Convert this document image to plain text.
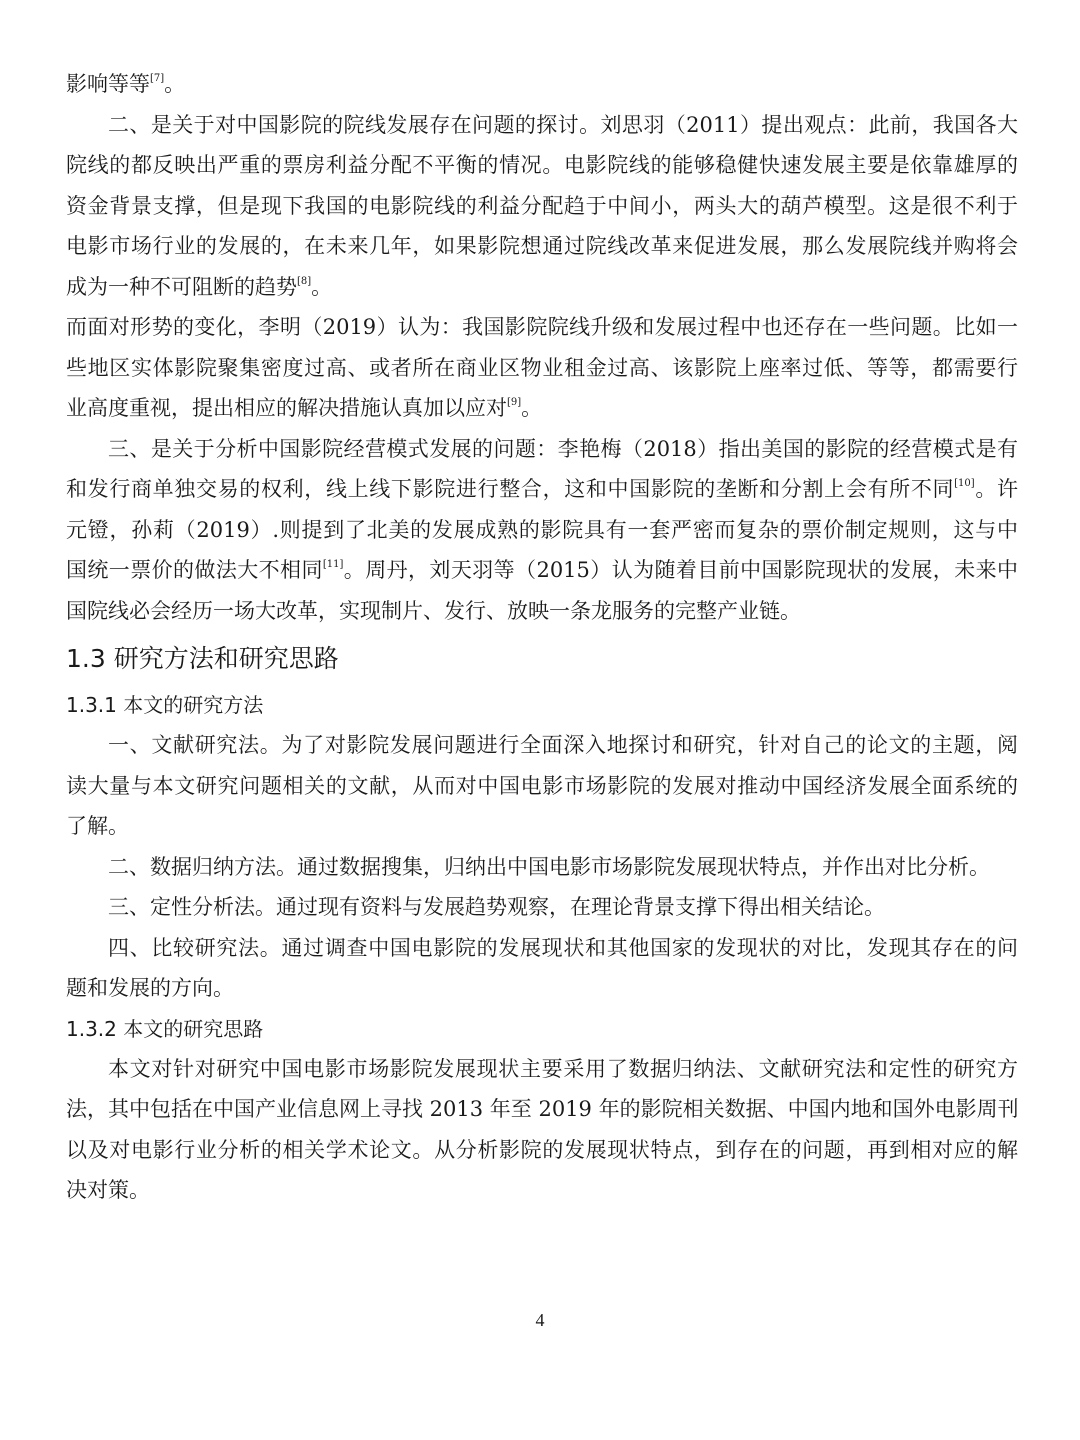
影响等等[7]。
二、是关于对中国影院的院线发展存在问题的探讨。刘思羽（2011）提出观点：此前，我国各大
院线的都反映出严重的票房利益分配不平衡的情况。电影院线的能够稳健快速发展主要是依靠雄厚的
资金背景支撑，但是现下我国的电影院线的利益分配趋于中间小，两头大的葫芦模型。这是很不利于
电影市场行业的发展的，在未来几年，如果影院想通过院线改革来促进发展，那么发展院线并购将会
成为一种不可阻断的趋势[8]。
而面对形势的变化，李明（2019）认为：我国影院院线升级和发展过程中也还存在一些问题。比如一
些地区实体影院聚集密度过高、或者所在商业区物业租金过高、该影院上座率过低、等等，都需要行
业高度重视，提出相应的解决措施认真加以应对[9]。
三、是关于分析中国影院经营模式发展的问题：李艳梅（2018）指出美国的影院的经营模式是有
和发行商单独交易的权利，线上线下影院进行整合，这和中国影院的垄断和分割上会有所不同[10]。许
元镫，孙莉（2019）.则提到了北美的发展成熟的影院具有一套严密而复杂的票价制定规则，这与中
国统一票价的做法大不相同[11]。周丹，刘天羽等（2015）认为随着目前中国影院现状的发展，未来中
国院线必会经历一场大改革，实现制片、发行、放映一条龙服务的完整产业链。
1.3 研究方法和研究思路
1.3.1 本文的研究方法
一、文献研究法。为了对影院发展问题进行全面深入地探讨和研究，针对自己的论文的主题，阅
读大量与本文研究问题相关的文献，从而对中国电影市场影院的发展对推动中国经济发展全面系统的
了解。
二、数据归纳方法。通过数据搜集，归纳出中国电影市场影院发展现状特点，并作出对比分析。
三、定性分析法。通过现有资料与发展趋势观察，在理论背景支撑下得出相关结论。
四、比较研究法。通过调查中国电影院的发展现状和其他国家的发现状的对比，发现其存在的问
题和发展的方向。
1.3.2 本文的研究思路
本文对针对研究中国电影市场影院发展现状主要采用了数据归纳法、文献研究法和定性的研究方
法，其中包括在中国产业信息网上寻找 2013 年至 2019 年的影院相关数据、中国内地和国外电影周刊
以及对电影行业分析的相关学术论文。从分析影院的发展现状特点，到存在的问题，再到相对应的解
决对策。
4
